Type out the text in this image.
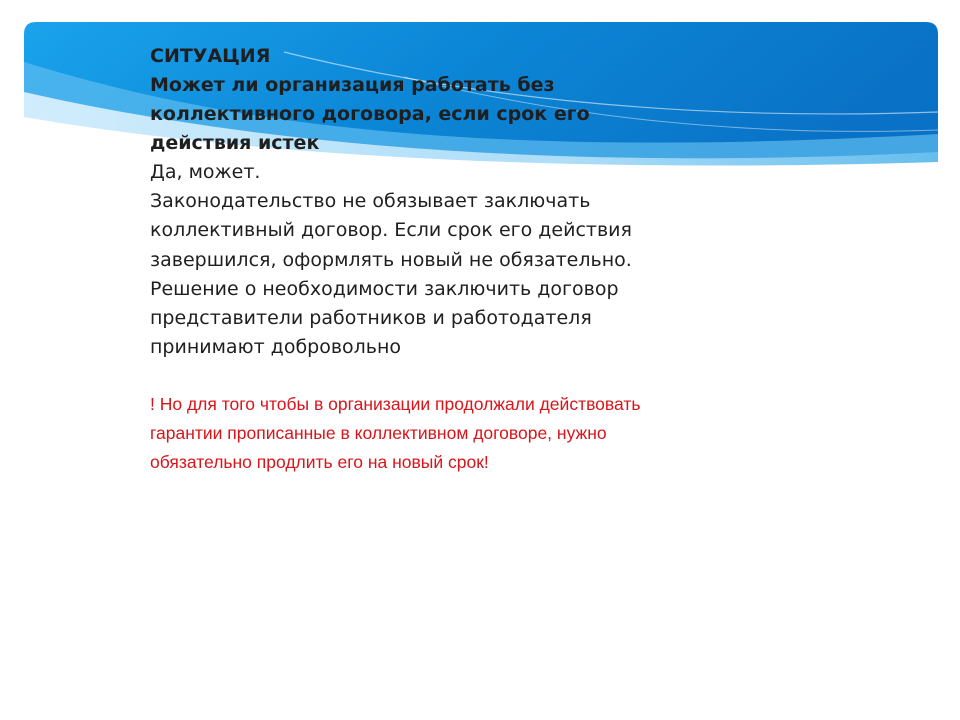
СИТУАЦИЯ

Может ли организация работать без

коллективного договора, если срок его

действия истек

Да, может.

Законодательство не обязывает заключать
коллективный договор. Если срок его действия
завершился, оформлять новый не обязательно.
Решение о необходимости заключить договор
представители работников и работодателя
принимают добровольно

! Но для того чтобы в организации продолжали действовать
гарантии прописанные в коллективном договоре, нужно
обязательно продлить его на новый срок!
